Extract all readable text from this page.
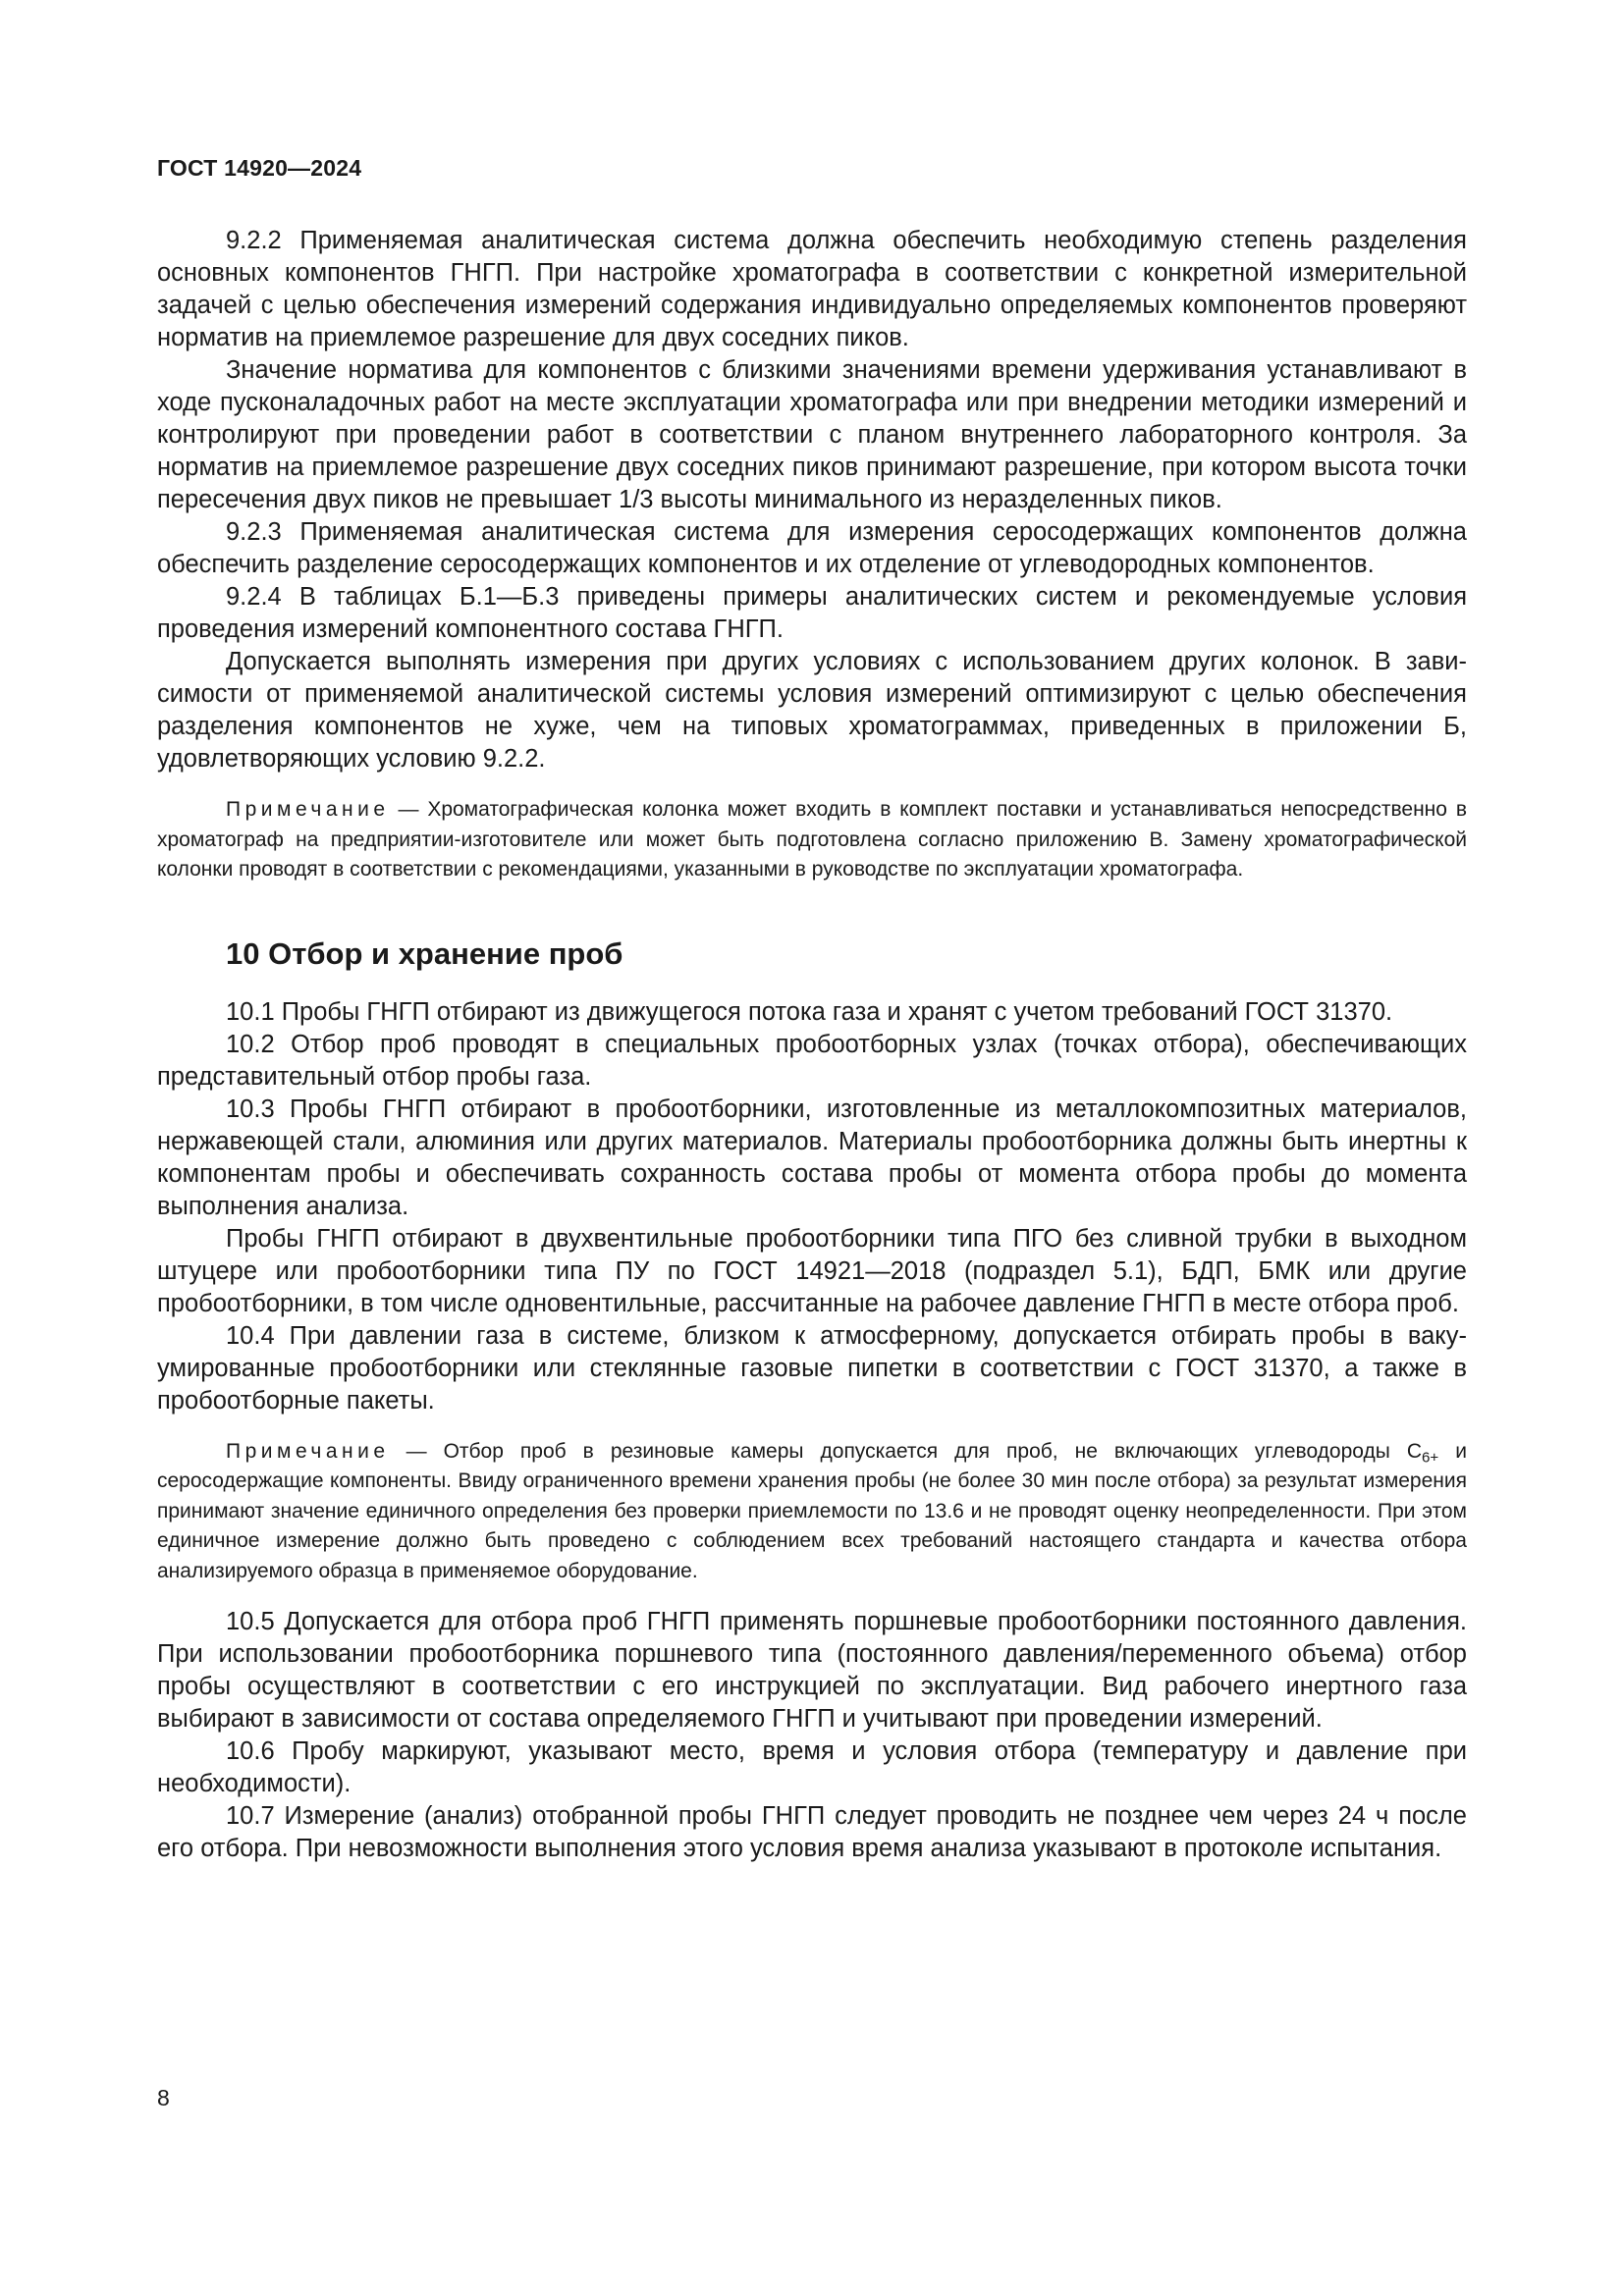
ГОСТ 14920—2024

9.2.2 Применяемая аналитическая система должна обеспечить необходимую степень разделения основных компонентов ГНГП. При настройке хроматографа в соответствии с конкретной измерительной задачей с целью обеспечения измерений содержания индивидуально определяемых компонентов проверяют норматив на приемлемое разрешение для двух соседних пиков.

Значение норматива для компонентов с близкими значениями времени удерживания устанавливают в ходе пусконаладочных работ на месте эксплуатации хроматографа или при внедрении методики измерений и контролируют при проведении работ в соответствии с планом внутреннего лабораторного контроля. За норматив на приемлемое разрешение двух соседних пиков принимают разрешение, при котором высота точки пересечения двух пиков не превышает 1/3 высоты минимального из неразделенных пиков.

9.2.3 Применяемая аналитическая система для измерения серосодержащих компонентов должна обеспечить разделение серосодержащих компонентов и их отделение от углеводородных компонентов.

9.2.4 В таблицах Б.1—Б.3 приведены примеры аналитических систем и рекомендуемые условия проведения измерений компонентного состава ГНГП.

Допускается выполнять измерения при других условиях с использованием других колонок. В зависимости от применяемой аналитической системы условия измерений оптимизируют с целью обеспечения разделения компонентов не хуже, чем на типовых хроматограммах, приведенных в приложении Б, удовлетворяющих условию 9.2.2.

Примечание — Хроматографическая колонка может входить в комплект поставки и устанавливаться непосредственно в хроматограф на предприятии-изготовителе или может быть подготовлена согласно приложению В. Замену хроматографической колонки проводят в соответствии с рекомендациями, указанными в руководстве по эксплуатации хроматографа.

10 Отбор и хранение проб

10.1 Пробы ГНГП отбирают из движущегося потока газа и хранят с учетом требований ГОСТ 31370.

10.2 Отбор проб проводят в специальных пробоотборных узлах (точках отбора), обеспечивающих представительный отбор пробы газа.

10.3 Пробы ГНГП отбирают в пробоотборники, изготовленные из металлокомпозитных материалов, нержавеющей стали, алюминия или других материалов. Материалы пробоотборника должны быть инертны к компонентам пробы и обеспечивать сохранность состава пробы от момента отбора пробы до момента выполнения анализа.

Пробы ГНГП отбирают в двухвентильные пробоотборники типа ПГО без сливной трубки в выходном штуцере или пробоотборники типа ПУ по ГОСТ 14921—2018 (подраздел 5.1), БДП, БМК или другие пробоотборники, в том числе одновентильные, рассчитанные на рабочее давление ГНГП в месте отбора проб.

10.4 При давлении газа в системе, близком к атмосферному, допускается отбирать пробы в вакуумированные пробоотборники или стеклянные газовые пипетки в соответствии с ГОСТ 31370, а также в пробоотборные пакеты.

Примечание — Отбор проб в резиновые камеры допускается для проб, не включающих углеводороды $C_{6+}$ и серосодержащие компоненты. Ввиду ограниченного времени хранения пробы (не более 30 мин после отбора) за результат измерения принимают значение единичного определения без проверки приемлемости по 13.6 и не проводят оценку неопределенности. При этом единичное измерение должно быть проведено с соблюдением всех требований настоящего стандарта и качества отбора анализируемого образца в применяемое оборудование.

10.5 Допускается для отбора проб ГНГП применять поршневые пробоотборники постоянного давления. При использовании пробоотборника поршневого типа (постоянного давления/переменного объема) отбор пробы осуществляют в соответствии с его инструкцией по эксплуатации. Вид рабочего инертного газа выбирают в зависимости от состава определяемого ГНГП и учитывают при проведении измерений.

10.6 Пробу маркируют, указывают место, время и условия отбора (температуру и давление при необходимости).

10.7 Измерение (анализ) отобранной пробы ГНГП следует проводить не позднее чем через 24 ч после его отбора. При невозможности выполнения этого условия время анализа указывают в протоколе испытания.

8
